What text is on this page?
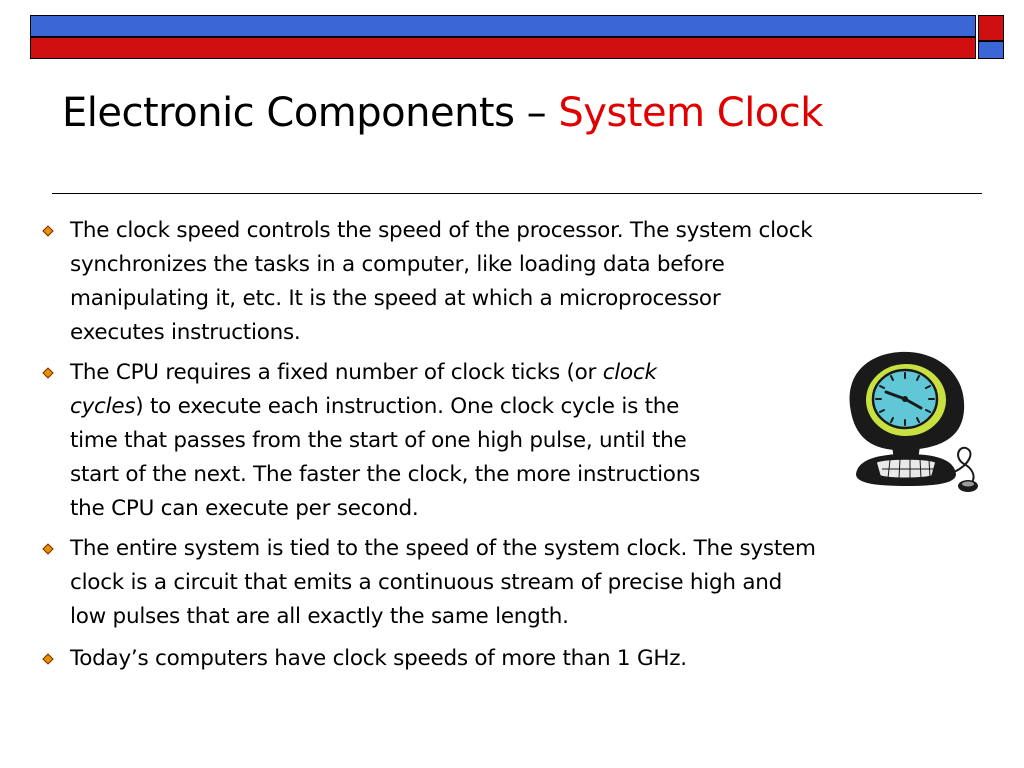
Electronic Components – System Clock

The clock speed controls the speed of the processor. The system clock
synchronizes the tasks in a computer, like loading data before
manipulating it, etc. It is the speed at which a microprocessor
executes instructions.

The CPU requires a fixed number of clock ticks (or clock
cycles) to execute each instruction. One clock cycle is the
time that passes from the start of one high pulse, until the
start of the next. The faster the clock, the more instructions
the CPU can execute per second.

The entire system is tied to the speed of the system clock. The system
clock is a circuit that emits a continuous stream of precise high and
low pulses that are all exactly the same length.

Today’s computers have clock speeds of more than 1 GHz.
